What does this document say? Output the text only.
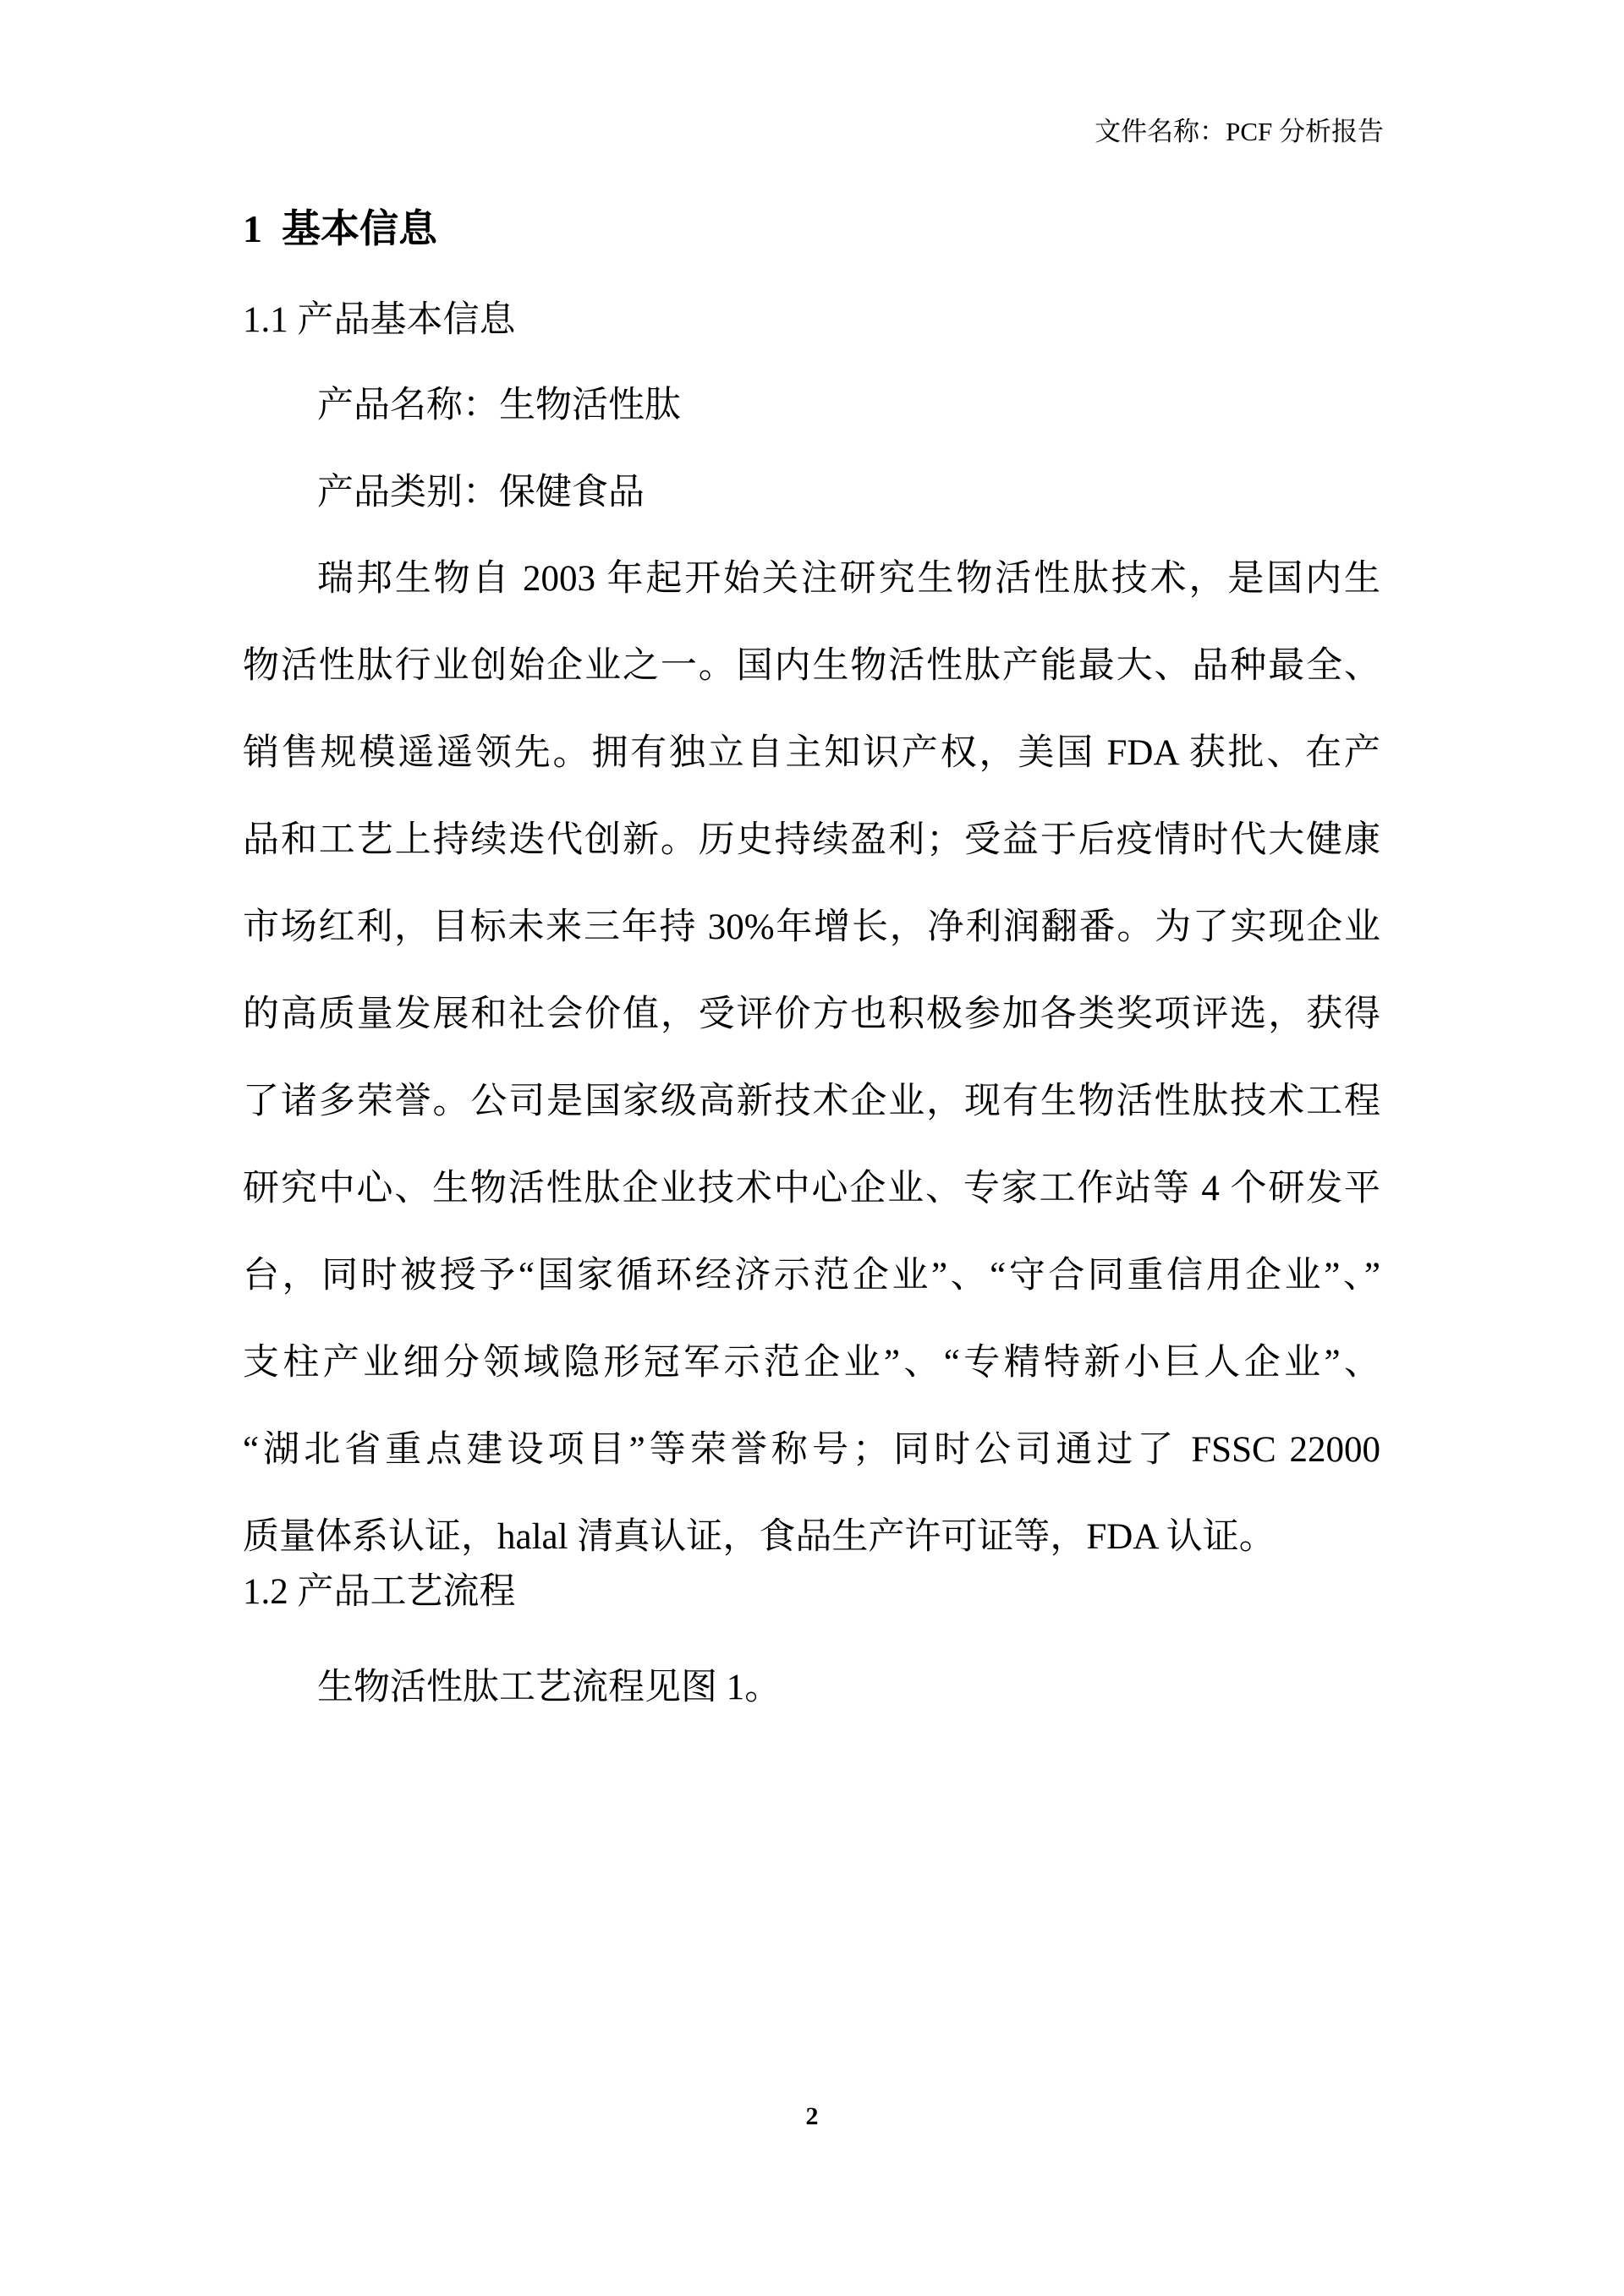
文件名称：PCF 分析报告
1  基本信息
1.1 产品基本信息
产品名称：生物活性肽
产品类别：保健食品
瑞邦生物自 2003 年起开始关注研究生物活性肽技术，是国内生
物活性肽行业创始企业之一。国内生物活性肽产能最大、品种最全、
销售规模遥遥领先。拥有独立自主知识产权，美国 FDA 获批、在产
品和工艺上持续迭代创新。历史持续盈利；受益于后疫情时代大健康
市场红利，目标未来三年持 30%年增长，净利润翻番。为了实现企业
的高质量发展和社会价值，受评价方也积极参加各类奖项评选，获得
了诸多荣誉。公司是国家级高新技术企业，现有生物活性肽技术工程
研究中心、生物活性肽企业技术中心企业、专家工作站等 4 个研发平
台，同时被授予“国家循环经济示范企业”、“守合同重信用企业”、”
支柱产业细分领域隐形冠军示范企业”、“专精特新小巨人企业”、
“湖北省重点建设项目”等荣誉称号；同时公司通过了 FSSC 22000
质量体系认证，halal 清真认证，食品生产许可证等，FDA 认证。
1.2 产品工艺流程
生物活性肽工艺流程见图 1。
2
